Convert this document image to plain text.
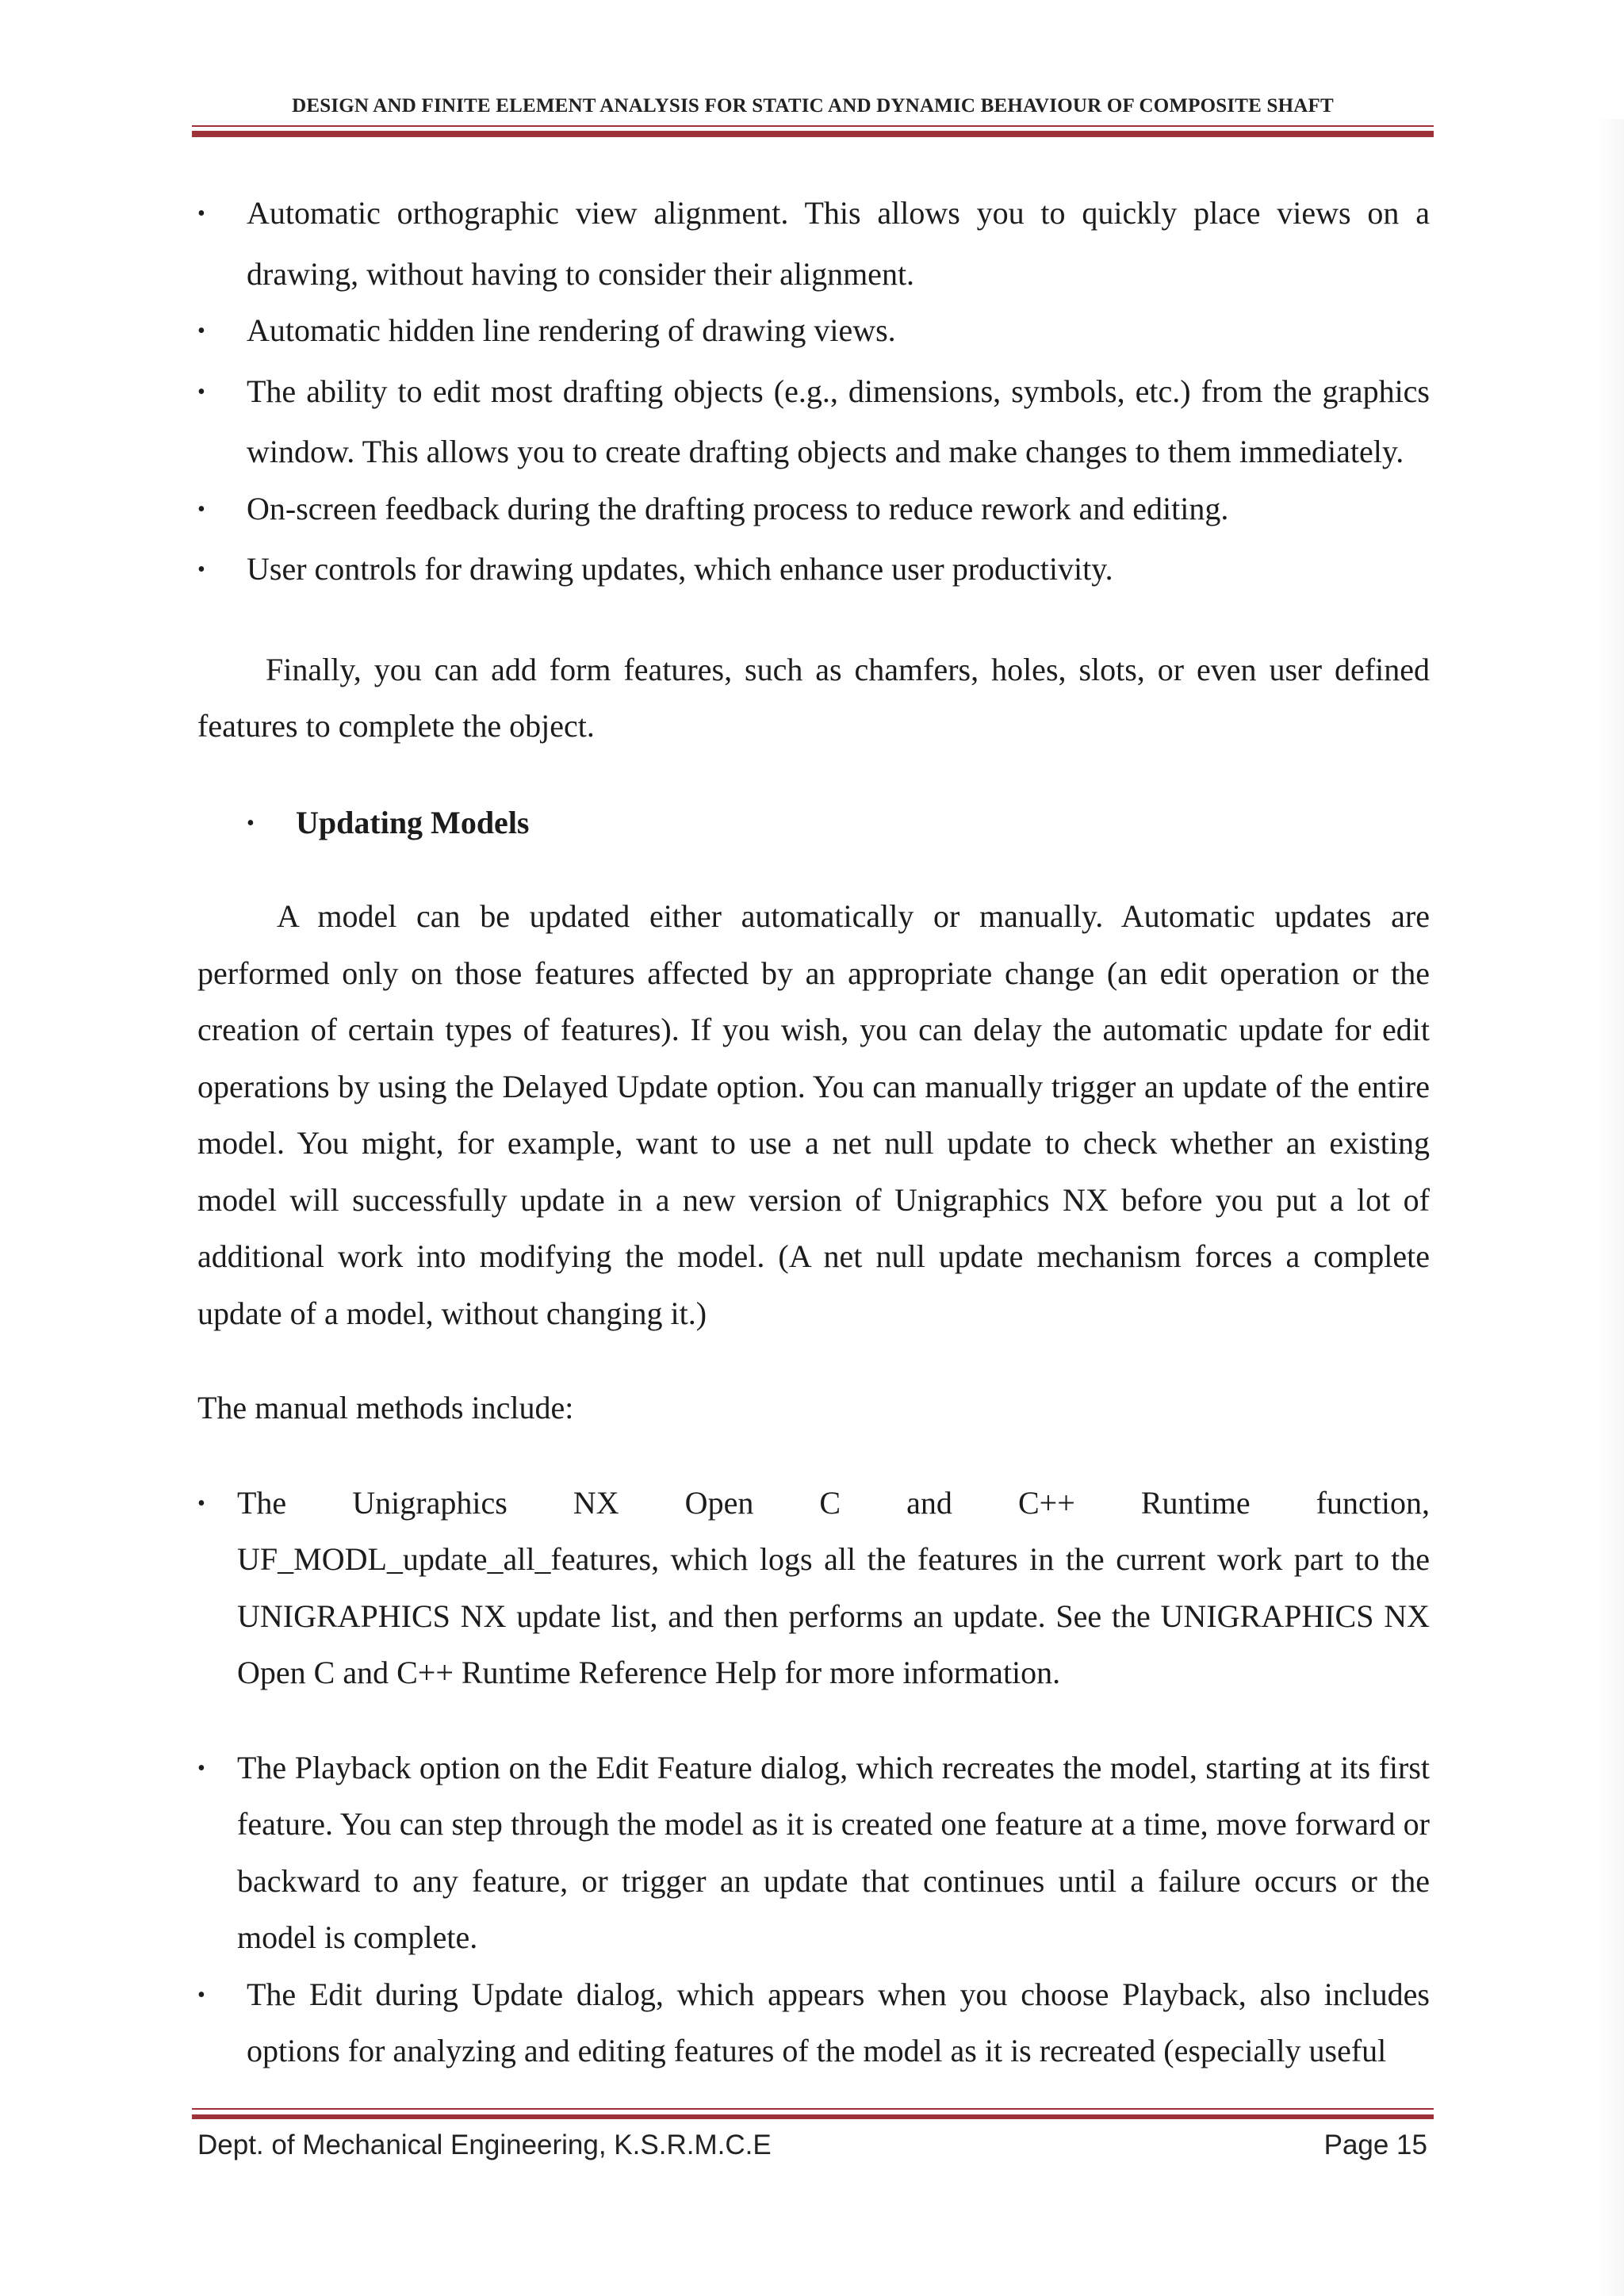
DESIGN AND FINITE ELEMENT ANALYSIS FOR STATIC AND DYNAMIC BEHAVIOUR OF COMPOSITE SHAFT

• Automatic orthographic view alignment. This allows you to quickly place views on a drawing, without having to consider their alignment.

• Automatic hidden line rendering of drawing views.

• The ability to edit most drafting objects (e.g., dimensions, symbols, etc.) from the graphics window. This allows you to create drafting objects and make changes to them immediately.

• On-screen feedback during the drafting process to reduce rework and editing.

• User controls for drawing updates, which enhance user productivity.

Finally, you can add form features, such as chamfers, holes, slots, or even user defined features to complete the object.

• Updating Models

A model can be updated either automatically or manually. Automatic updates are performed only on those features affected by an appropriate change (an edit operation or the creation of certain types of features). If you wish, you can delay the automatic update for edit operations by using the Delayed Update option. You can manually trigger an update of the entire model. You might, for example, want to use a net null update to check whether an existing model will successfully update in a new version of Unigraphics NX before you put a lot of additional work into modifying the model. (A net null update mechanism forces a complete update of a model, without changing it.)

The manual methods include:

• The Unigraphics NX Open C and C++ Runtime function,

UF_MODL_update_all_features, which logs all the features in the current work part to the UNIGRAPHICS NX update list, and then performs an update. See the UNIGRAPHICS NX Open C and C++ Runtime Reference Help for more information.

• The Playback option on the Edit Feature dialog, which recreates the model, starting at its first feature. You can step through the model as it is created one feature at a time, move forward or backward to any feature, or trigger an update that continues until a failure occurs or the model is complete.

• The Edit during Update dialog, which appears when you choose Playback, also includes options for analyzing and editing features of the model as it is recreated (especially useful

Dept. of Mechanical Engineering, K.S.R.M.C.E	Page 15
